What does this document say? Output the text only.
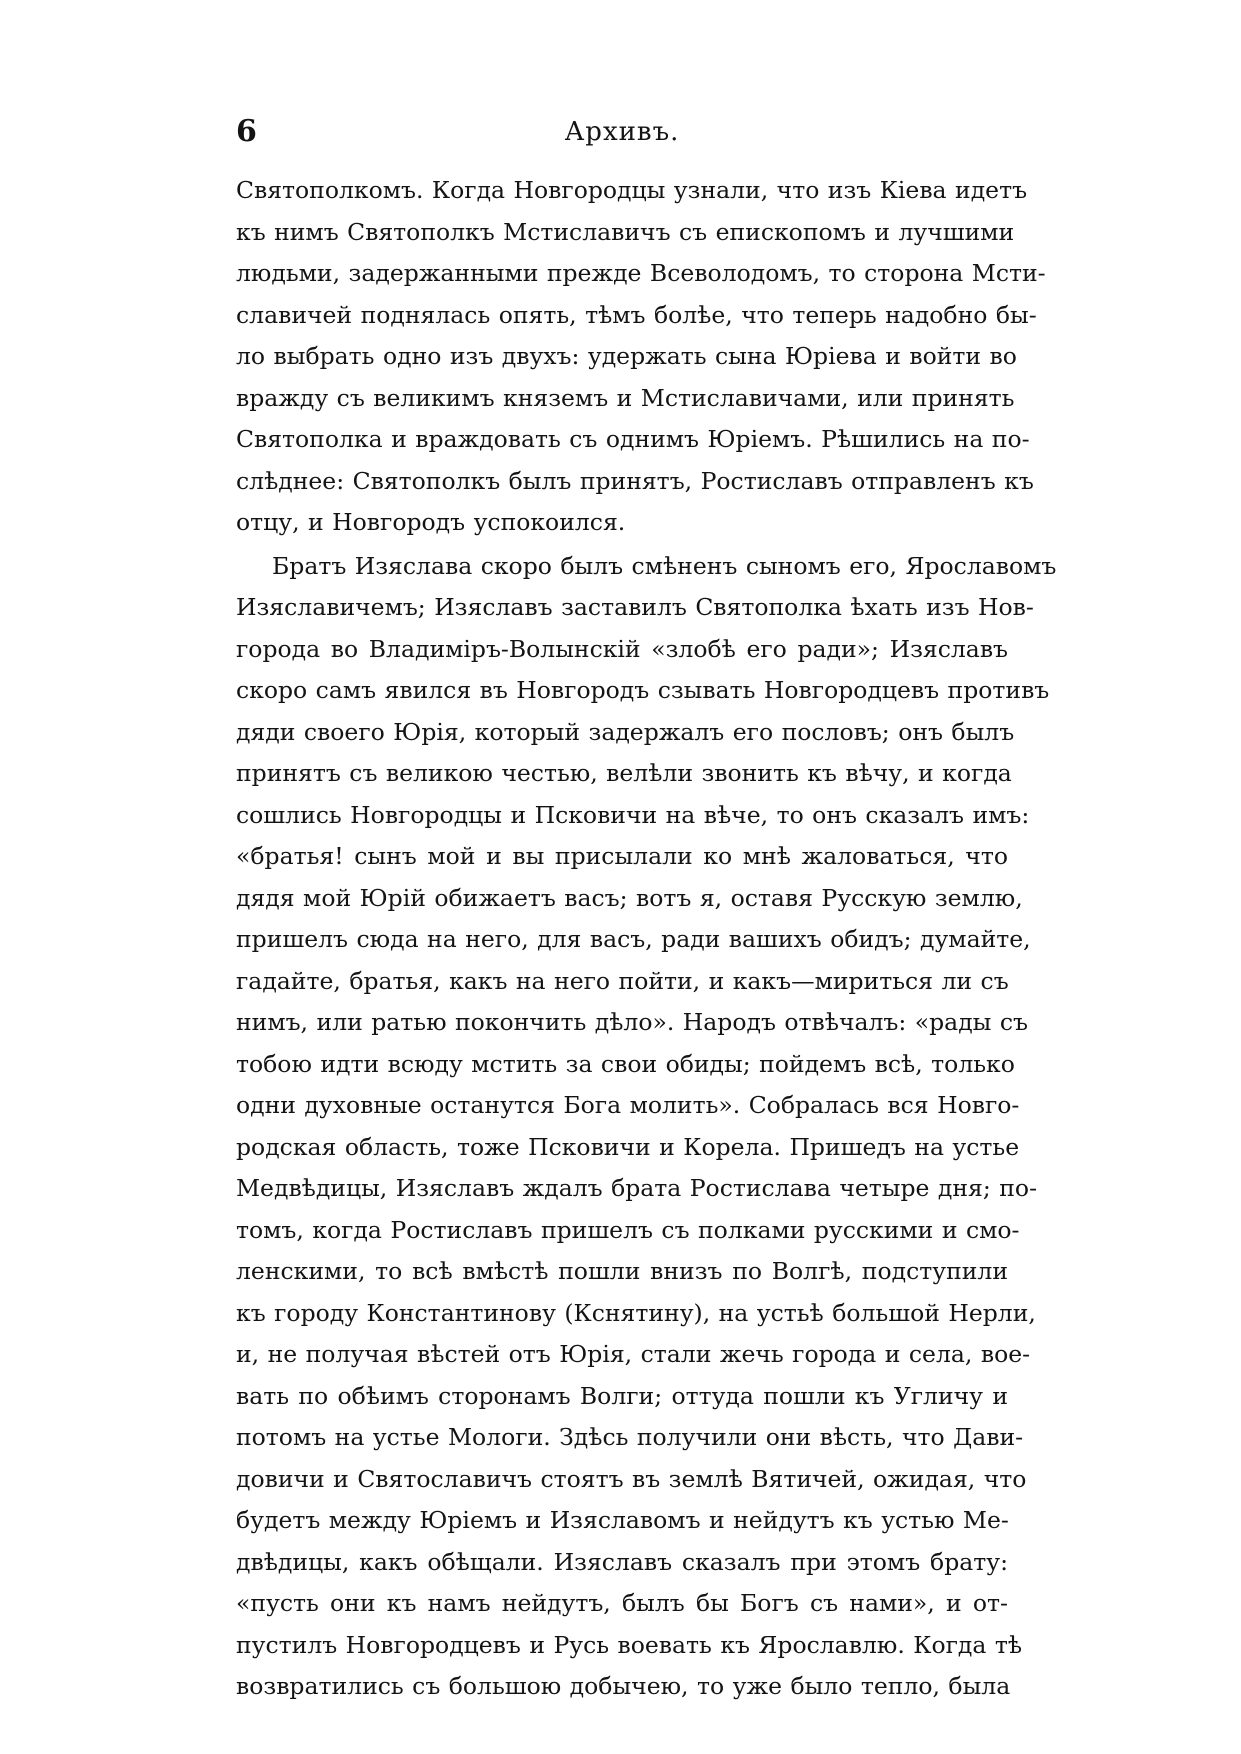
6	Архивъ.
Святополкомъ. Когда Новгородцы узнали, что изъ Кіева идетъ
къ нимъ Святополкъ Мстиславичъ съ епископомъ и лучшими
людьми, задержанными прежде Всеволодомъ, то сторона Мсти-
славичей поднялась опять, тѣмъ болѣе, что теперь надобно бы-
ло выбрать одно изъ двухъ: удержать сына Юріева и войти во
вражду съ великимъ княземъ и Мстиславичами, или принять
Святополка и враждовать съ однимъ Юріемъ. Рѣшились на по-
слѣднее: Святополкъ былъ принятъ, Ростиславъ отправленъ къ
отцу, и Новгородъ успокоился.
Братъ Изяслава скоро былъ смѣненъ сыномъ его, Ярославомъ
Изяславичемъ; Изяславъ заставилъ Святополка ѣхать изъ Нов-
города во Владиміръ-Волынскій «злобѣ его ради»; Изяславъ
скоро самъ явился въ Новгородъ сзывать Новгородцевъ противъ
дяди своего Юрія, который задержалъ его пословъ; онъ былъ
принятъ съ великою честью, велѣли звонить къ вѣчу, и когда
сошлись Новгородцы и Псковичи на вѣче, то онъ сказалъ имъ:
«братья! сынъ мой и вы присылали ко мнѣ жаловаться, что
дядя мой Юрій обижаетъ васъ; вотъ я, оставя Русскую землю,
пришелъ сюда на него, для васъ, ради вашихъ обидъ; думайте,
гадайте, братья, какъ на него пойти, и какъ—мириться ли съ
нимъ, или ратью покончить дѣло». Народъ отвѣчалъ: «рады съ
тобою идти всюду мстить за свои обиды; пойдемъ всѣ, только
одни духовные останутся Бога молить». Собралась вся Новго-
родская область, тоже Псковичи и Корела. Пришедъ на устье
Медвѣдицы, Изяславъ ждалъ брата Ростислава четыре дня; по-
томъ, когда Ростиславъ пришелъ съ полками русскими и смо-
ленскими, то всѣ вмѣстѣ пошли внизъ по Волгѣ, подступили
къ городу Константинову (Кснятину), на устьѣ большой Нерли,
и, не получая вѣстей отъ Юрія, стали жечь города и села, вое-
вать по обѣимъ сторонамъ Волги; оттуда пошли къ Угличу и
потомъ на устье Мологи. Здѣсь получили они вѣсть, что Дави-
довичи и Святославичъ стоятъ въ землѣ Вятичей, ожидая, что
будетъ между Юріемъ и Изяславомъ и нейдутъ къ устью Ме-
двѣдицы, какъ обѣщали. Изяславъ сказалъ при этомъ брату:
«пусть они къ намъ нейдутъ, былъ бы Богъ съ нами», и от-
пустилъ Новгородцевъ и Русь воевать къ Ярославлю. Когда тѣ
возвратились съ большою добычею, то уже было тепло, была
